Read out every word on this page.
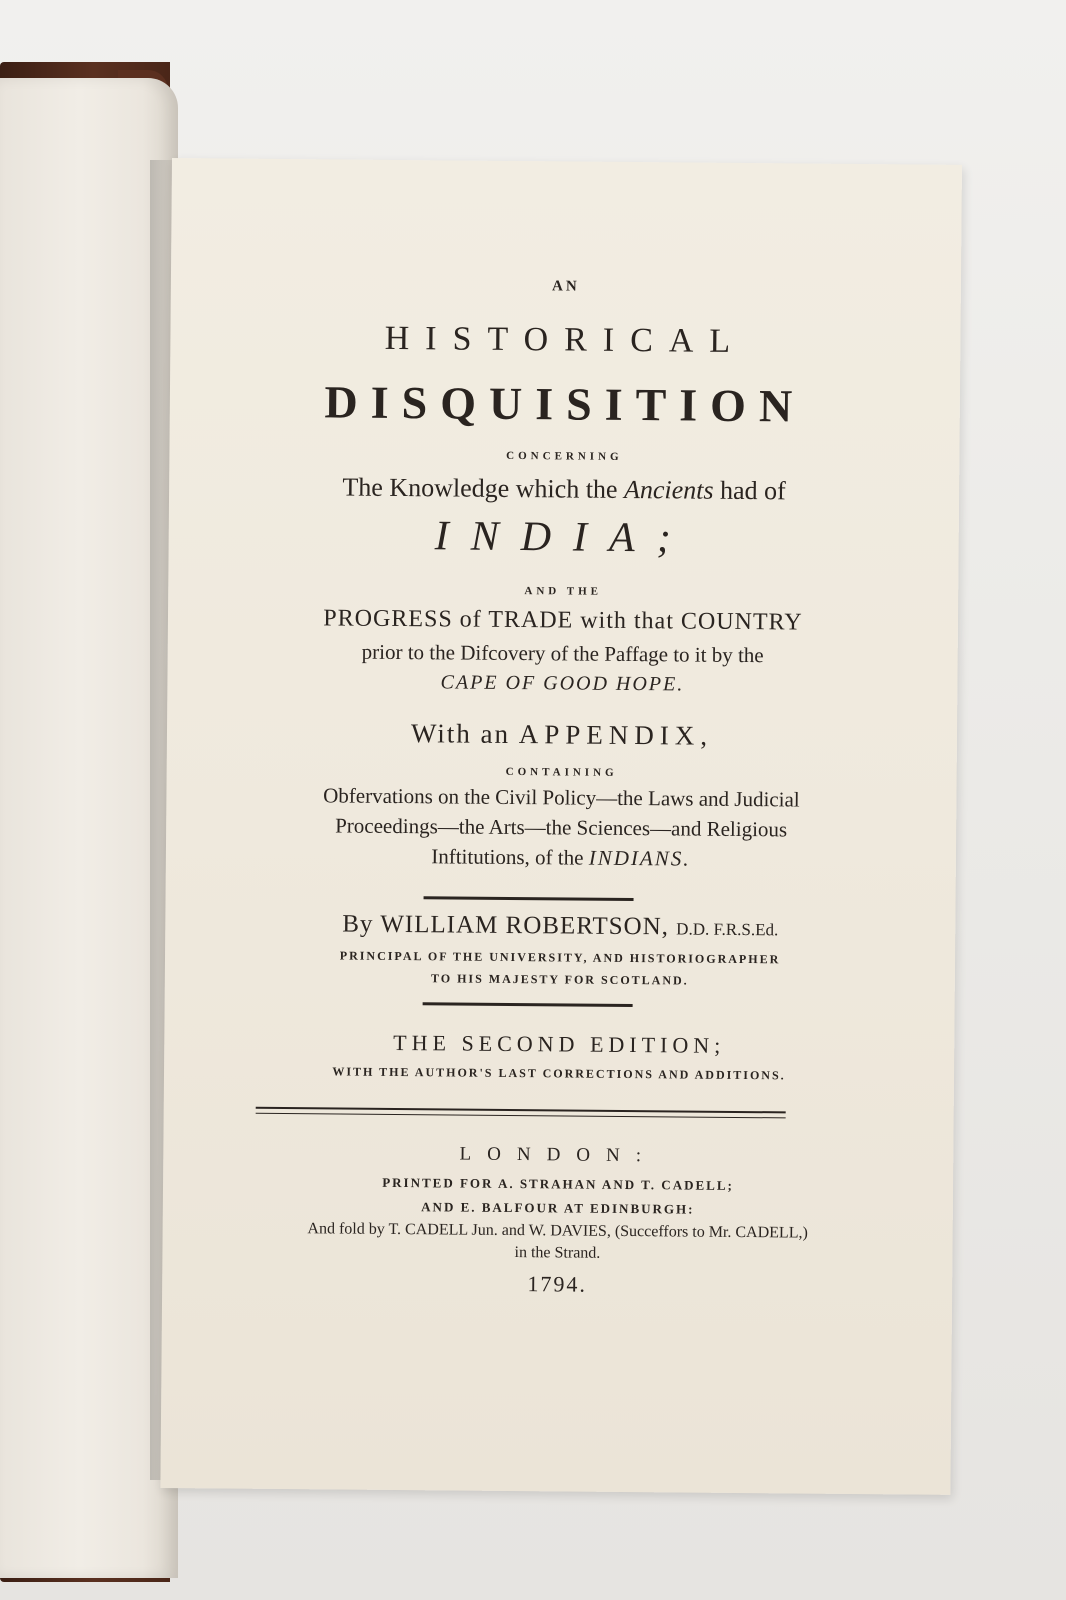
AN
HISTORICAL
DISQUISITION
CONCERNING
The Knowledge which the Ancients had of
INDIA;
AND THE
PROGRESS of TRADE with that COUNTRY
prior to the Difcovery of the Paffage to it by the
CAPE OF GOOD HOPE.
With an APPENDIX,
CONTAINING
Obfervations on the Civil Policy—the Laws and Judicial
Proceedings—the Arts—the Sciences—and Religious
Inftitutions, of the INDIANS.
By WILLIAM ROBERTSON, D.D. F.R.S.Ed.
PRINCIPAL OF THE UNIVERSITY, AND HISTORIOGRAPHER
TO HIS MAJESTY FOR SCOTLAND.
THE SECOND EDITION;
WITH THE AUTHOR'S LAST CORRECTIONS AND ADDITIONS.
LONDON:
PRINTED FOR A. STRAHAN AND T. CADELL;
AND E. BALFOUR AT EDINBURGH:
And fold by T. CADELL Jun. and W. DAVIES, (Succeffors to Mr. CADELL,)
in the Strand.
1794.
